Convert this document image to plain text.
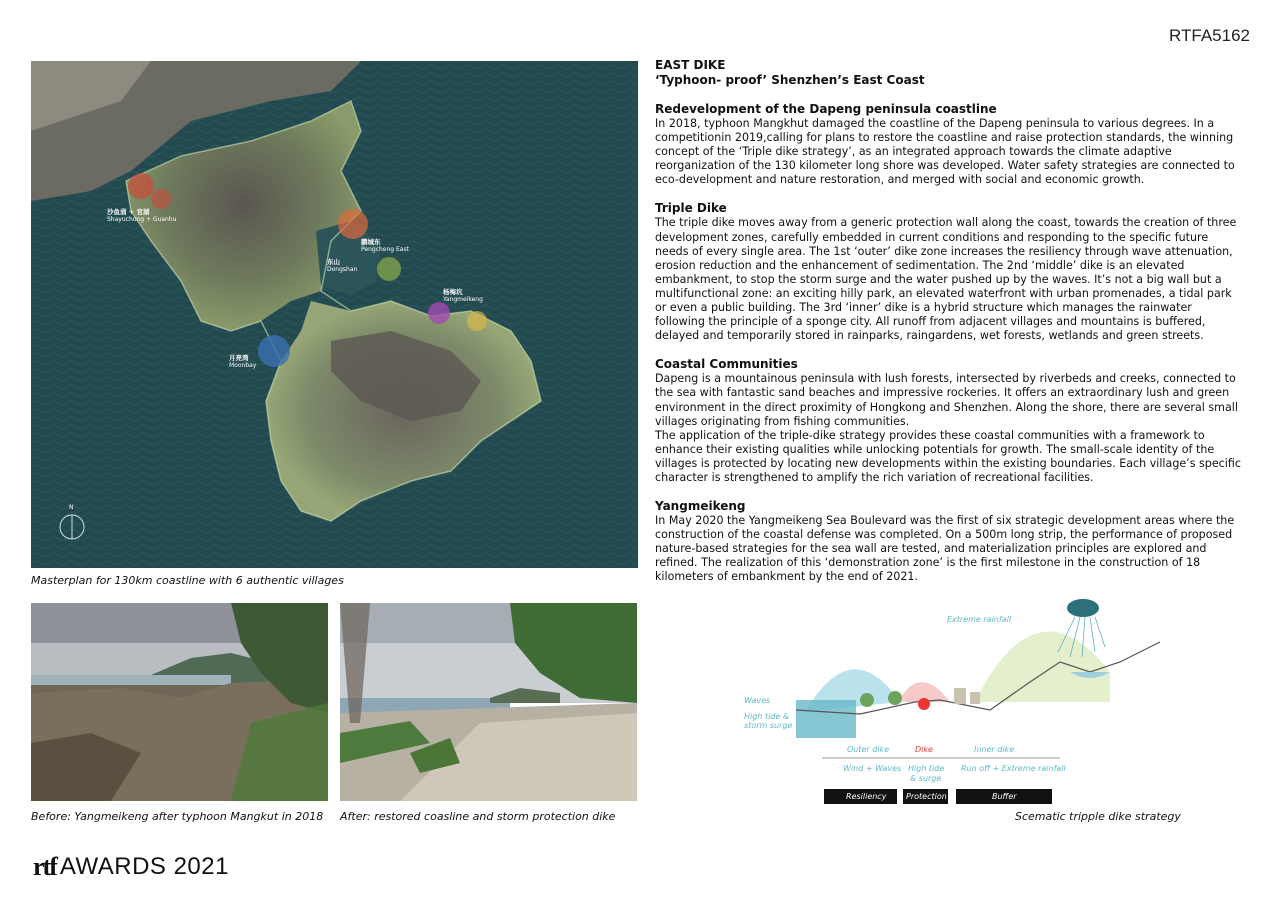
RTFA5162
沙鱼涌 + 官湖
Shayuchong + Guanhu
鹏城东
Pengcheng East
东山
Dongshan
杨梅坑
Yangmeikeng
月亮湾
Moonbay
N
Masterplan for 130km coastline with 6 authentic villages
Before: Yangmeikeng after typhoon Mangkut in 2018 After: restored coasline and storm protection dike

EAST DIKE

‘Typhoon- proof’ Shenzhen’s East Coast

Redevelopment of the Dapeng peninsula coastline

In 2018, typhoon Mangkhut damaged the coastline of the Dapeng peninsula to various degrees. In a competitionin 2019,calling for plans to restore the coastline and raise protection standards, the winning concept of the ‘Triple dike strategy’, as an integrated approach towards the climate adaptive reorganization of the 130 kilometer long shore was developed. Water safety strategies are connected to eco-development and nature restoration, and merged with social and economic growth.

Triple Dike

The triple dike moves away from a generic protection wall along the coast, towards the creation of three development zones, carefully embedded in current conditions and responding to the specific future needs of every single area. The 1st ‘outer’ dike zone increases the resiliency through wave attenuation, erosion reduction and the enhancement of sedimentation. The 2nd ‘middle’ dike is an elevated embankment, to stop the storm surge and the water pushed up by the waves. It’s not a big wall but a multifunctional zone: an exciting hilly park, an elevated waterfront with urban promenades, a tidal park or even a public building. The 3rd ‘inner’ dike is a hybrid structure which manages the rainwater following the principle of a sponge city. All runoff from adjacent villages and mountains is buffered, delayed and temporarily stored in rainparks, raingardens, wet forests, wetlands and green streets.

Coastal Communities

Dapeng is a mountainous peninsula with lush forests, intersected by riverbeds and creeks, connected to the sea with fantastic sand beaches and impressive rockeries. It offers an extraordinary lush and green environment in the direct proximity of Hongkong and Shenzhen. Along the shore, there are several small villages originating from fishing communities.

The application of the triple-dike strategy provides these coastal communities with a framework to enhance their existing qualities while unlocking potentials for growth. The small-scale identity of the villages is protected by locating new developments within the existing boundaries. Each village’s specific character is strengthened to amplify the rich variation of recreational facilities.

Yangmeikeng

In May 2020 the Yangmeikeng Sea Boulevard was the first of six strategic development areas where the construction of the coastal defense was completed. On a 500m long strip, the performance of proposed nature-based strategies for the sea wall are tested, and materialization principles are explored and refined. The realization of this ‘demonstration zone’ is the first milestone in the construction of 18 kilometers of embankment by the end of 2021.

Extreme rainfall
Waves
High tide &
storm surge
Outer dike	Dike	Inner dike
Wind + Waves High tide
& surge
Run off + Extreme rainfall
Resiliency Protection	Buffer
Scematic tripple dike strategy
rtf AWARDS 2021
